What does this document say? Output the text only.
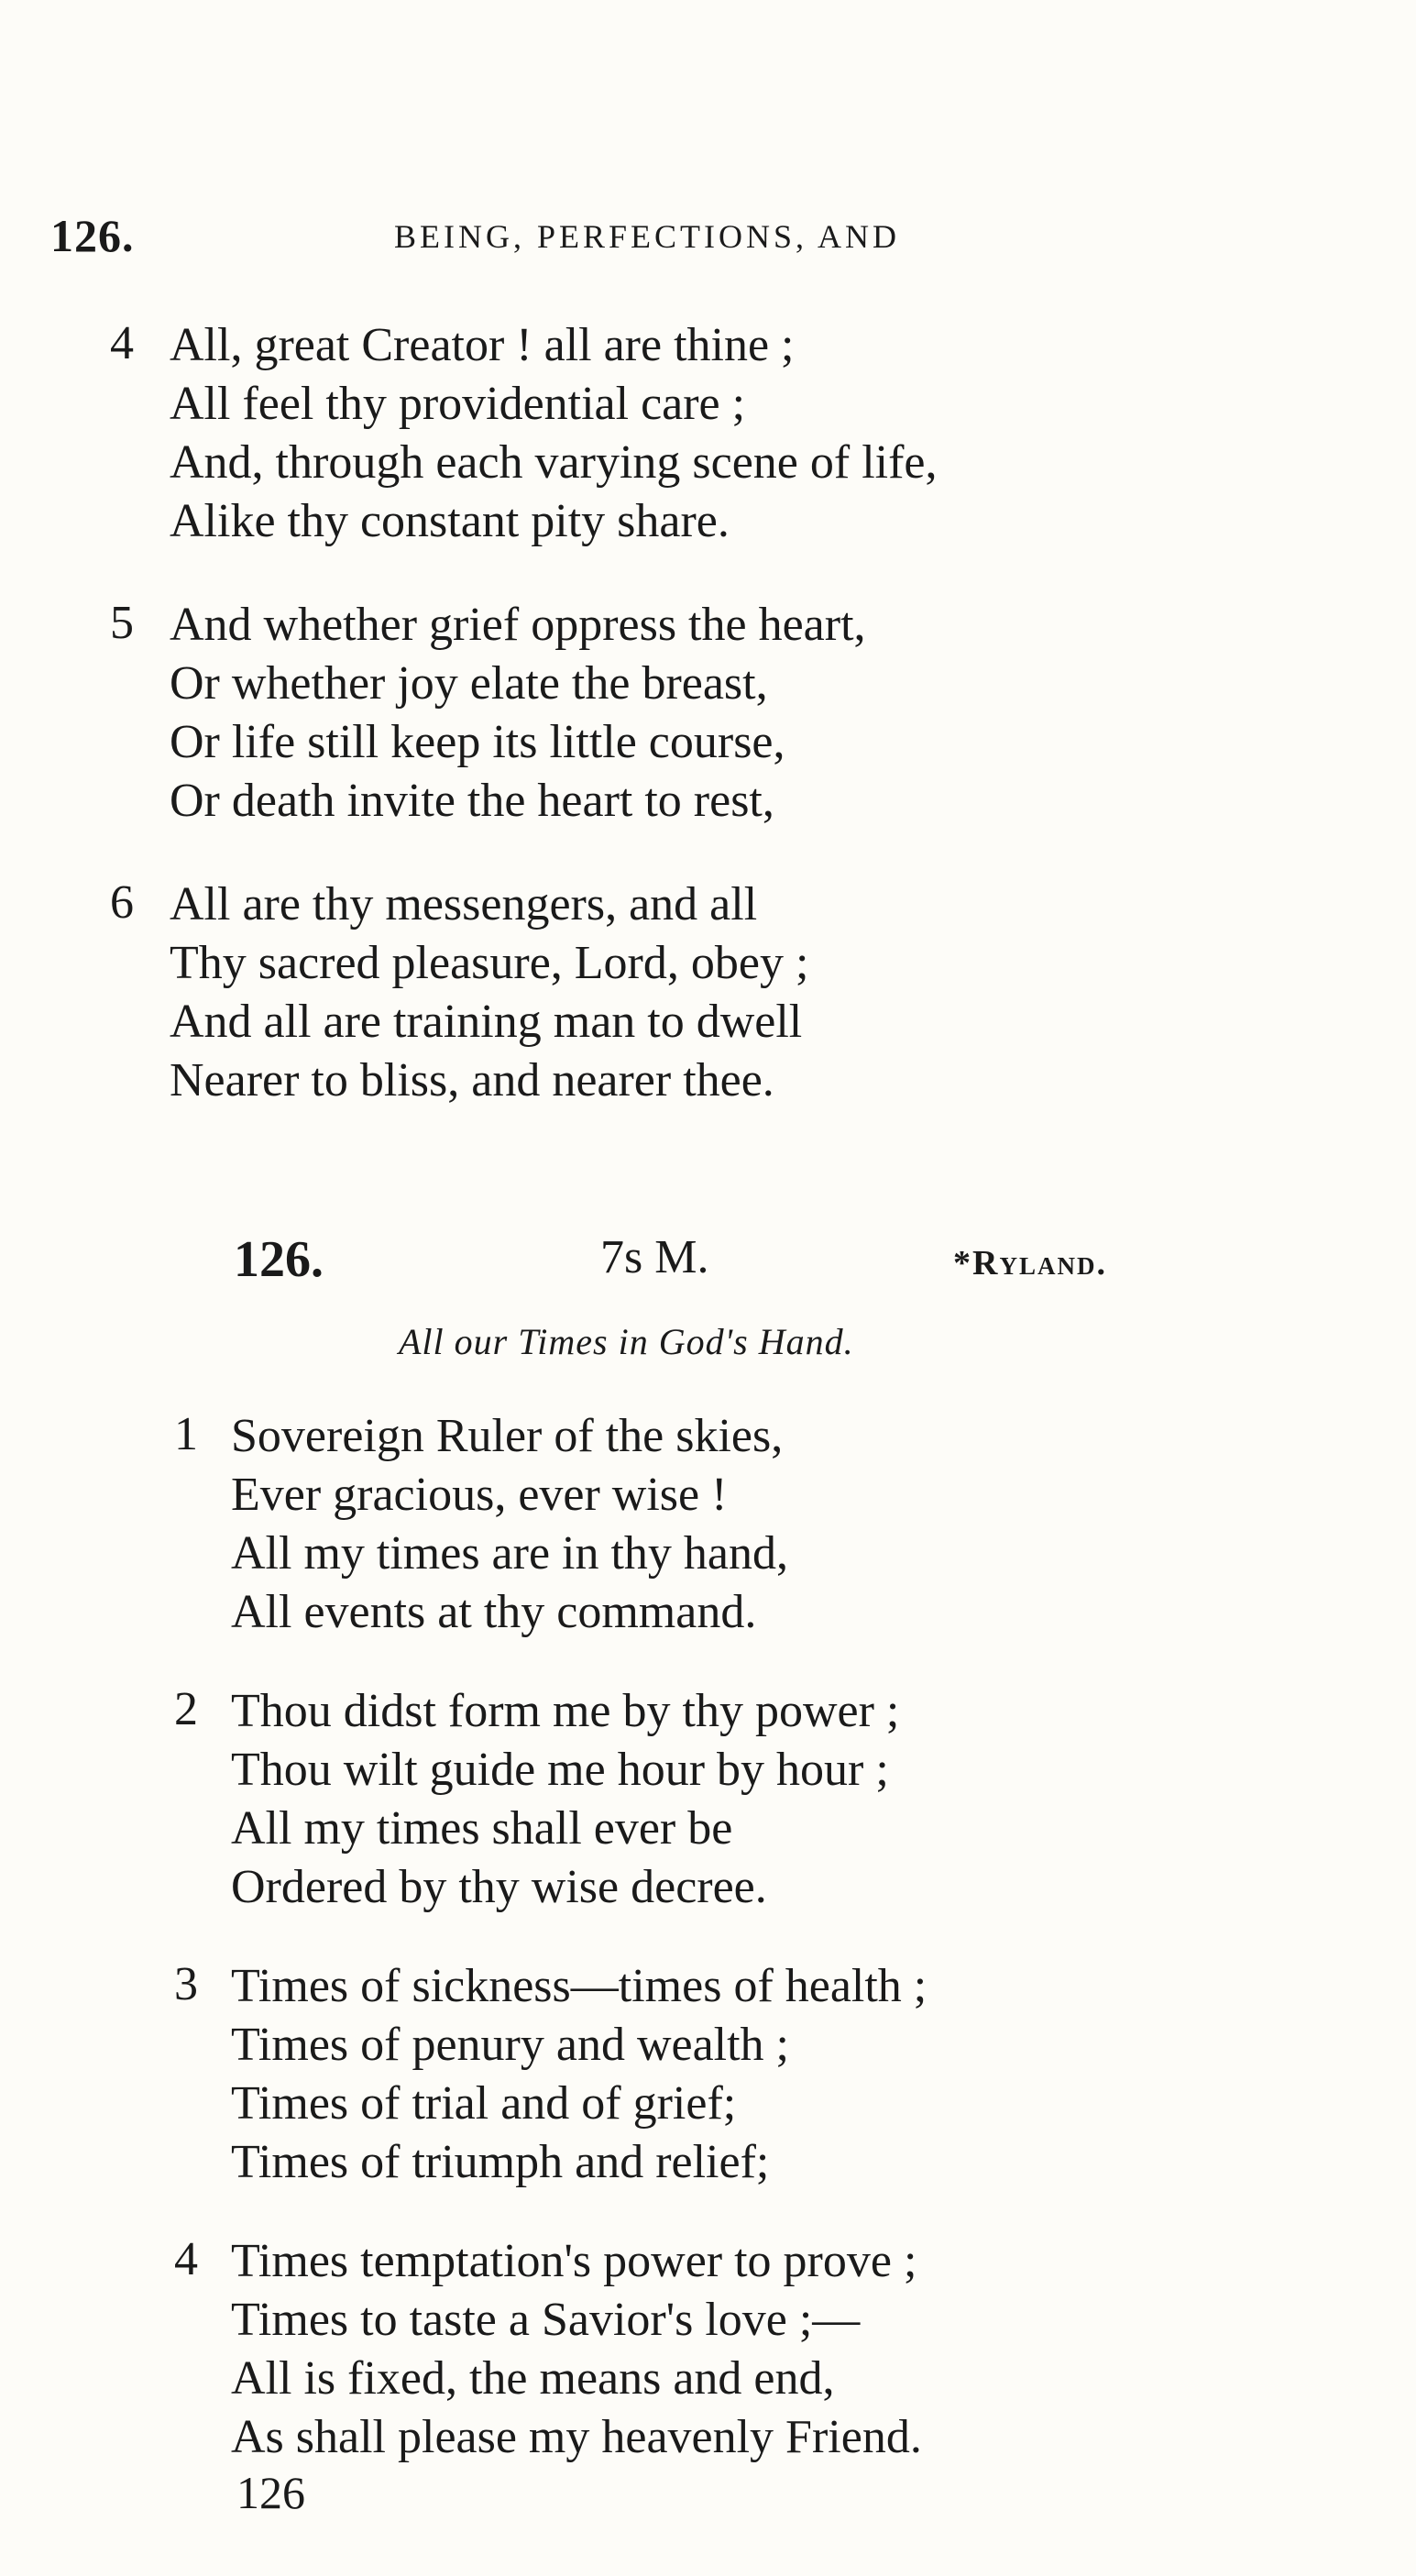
126.	BEING, PERFECTIONS, AND
4 All, great Creator ! all are thine ;
All feel thy providential care ;
And, through each varying scene of life,
Alike thy constant pity share.
5 And whether grief oppress the heart,
Or whether joy elate the breast,
Or life still keep its little course,
Or death invite the heart to rest,
6 All are thy messengers, and all
Thy sacred pleasure, Lord, obey ;
And all are training man to dwell
Nearer to bliss, and nearer thee.
126.	7s M.	*Ryland.
All our Times in God's Hand.
1 Sovereign Ruler of the skies,
Ever gracious, ever wise !
All my times are in thy hand,
All events at thy command.
2 Thou didst form me by thy power ;
Thou wilt guide me hour by hour ;
All my times shall ever be
Ordered by thy wise decree.
3 Times of sickness—times of health ;
Times of penury and wealth ;
Times of trial and of grief;
Times of triumph and relief;
4 Times temptation's power to prove ;
Times to taste a Savior's love ;—
All is fixed, the means and end,
As shall please my heavenly Friend.
126
